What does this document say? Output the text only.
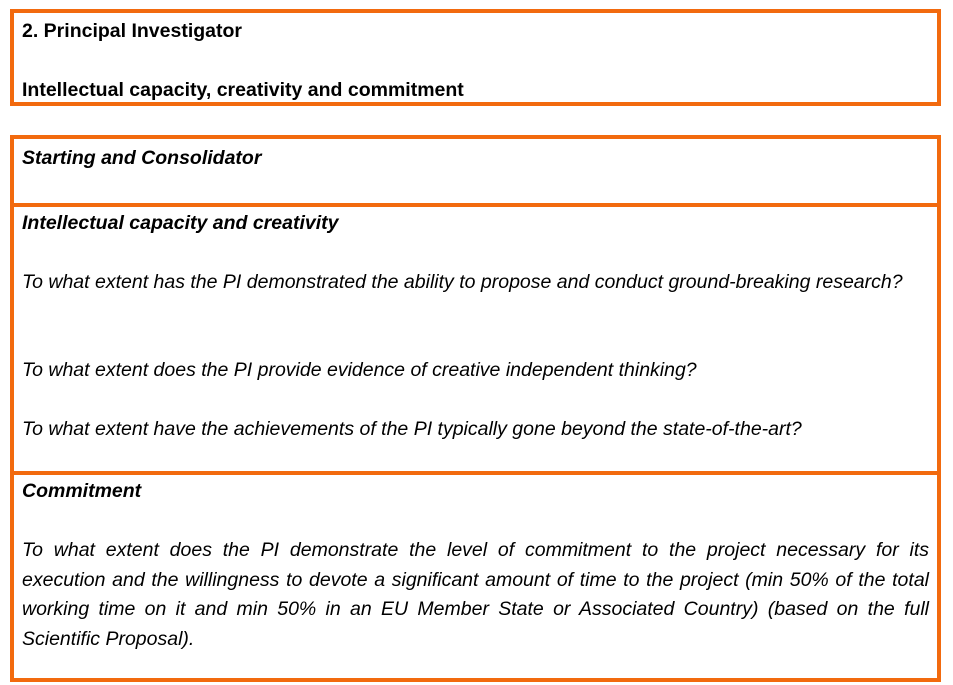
2. Principal Investigator

Intellectual capacity, creativity and commitment

Starting and Consolidator

Intellectual capacity and creativity

To what extent has the PI demonstrated the ability to propose and conduct ground-breaking research?

To what extent does the PI provide evidence of creative independent thinking?

To what extent have the achievements of the PI typically gone beyond the state-of-the-art?

Commitment

To what extent does the PI demonstrate the level of commitment to the project necessary for its execution and the willingness to devote a significant amount of time to the project (min 50% of the total working time on it and min 50% in an EU Member State or Associated Country) (based on the full Scientific Proposal).
